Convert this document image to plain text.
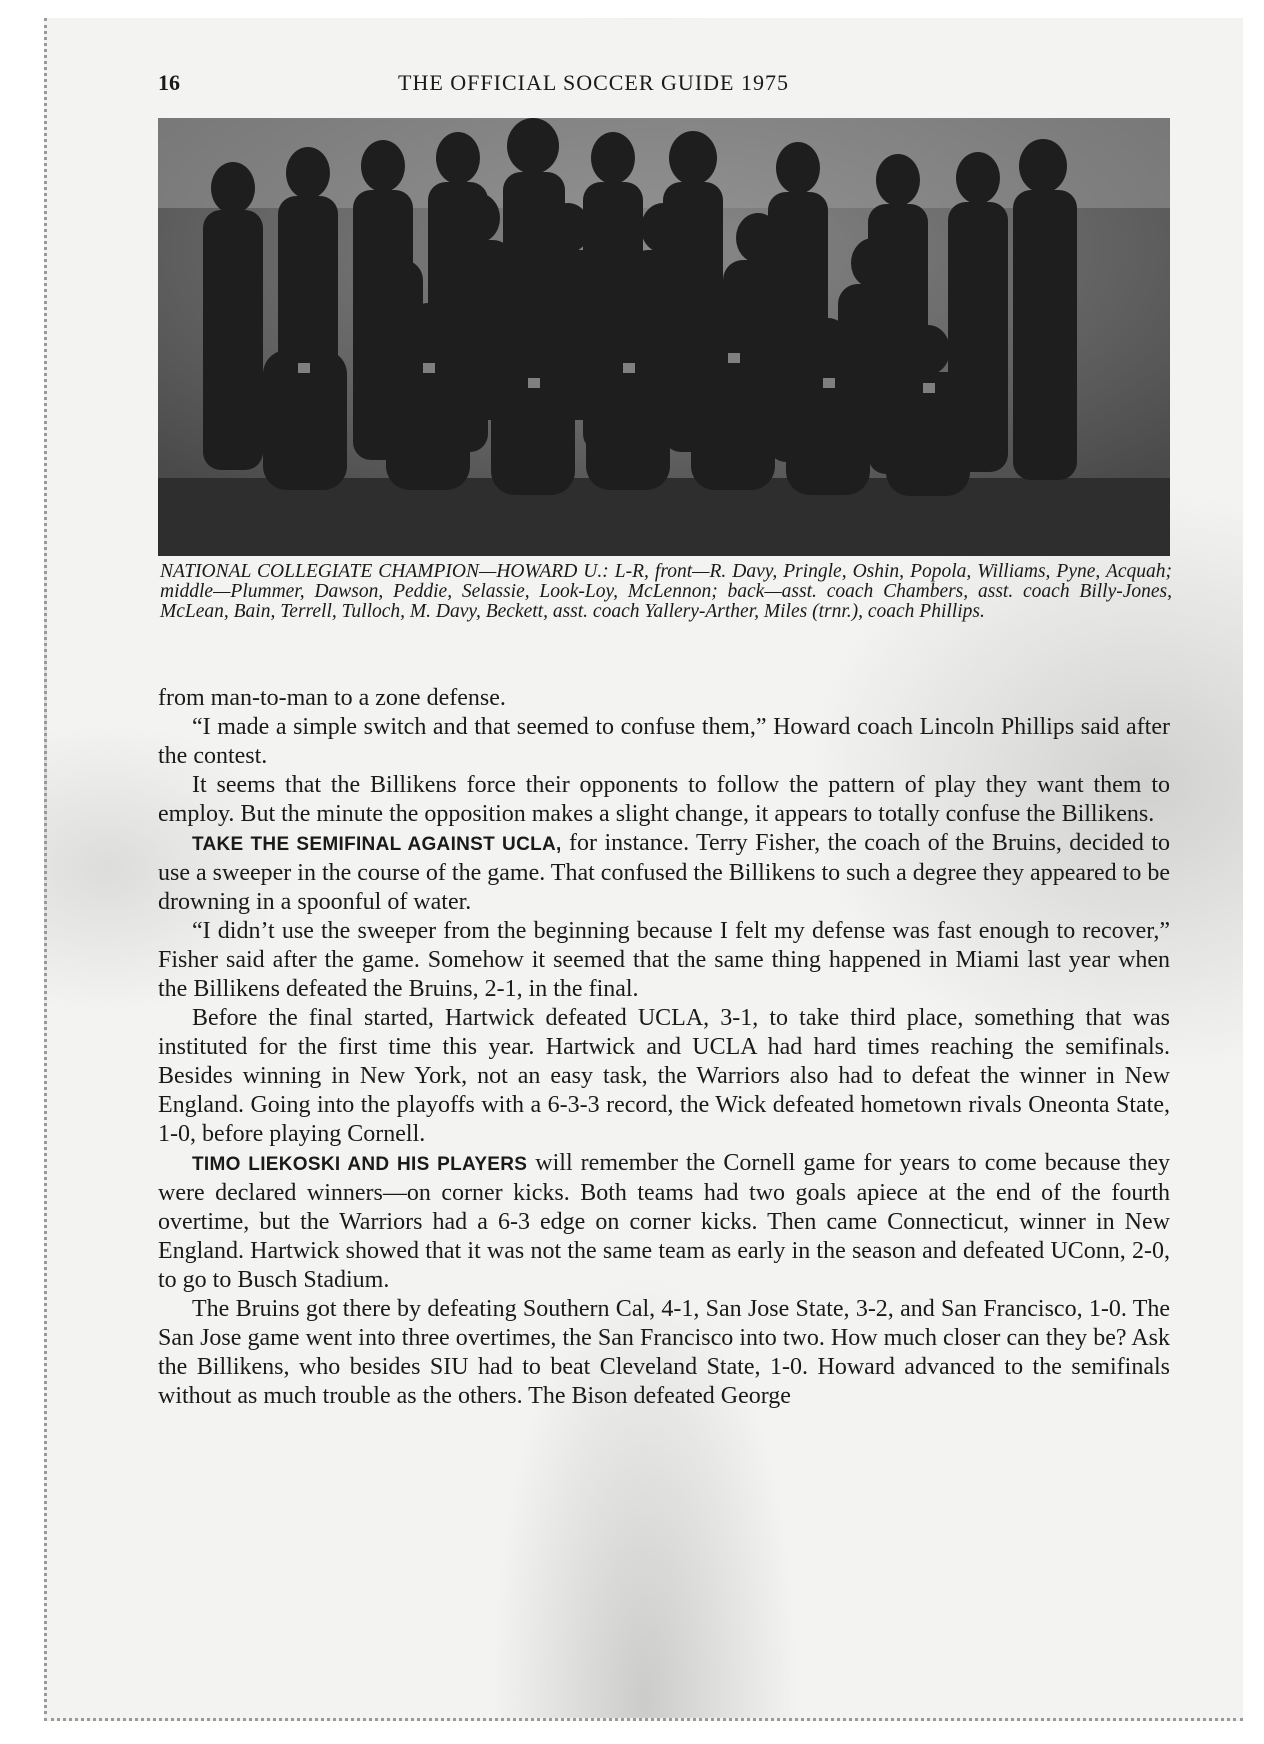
16	THE OFFICIAL SOCCER GUIDE 1975
NATIONAL COLLEGIATE CHAMPION—HOWARD U.: L-R, front—R. Davy, Pringle, Oshin, Popola, Williams, Pyne, Acquah; middle—Plummer, Dawson, Peddie, Selassie, Look-Loy, McLennon; back—asst. coach Chambers, asst. coach Billy-Jones, McLean, Bain, Terrell, Tulloch, M. Davy, Beckett, asst. coach Yallery-Arther, Miles (trnr.), coach Phillips.

from man-to-man to a zone defense.

“I made a simple switch and that seemed to confuse them,” Howard coach Lincoln Phillips said after the contest.

It seems that the Billikens force their opponents to follow the pattern of play they want them to employ. But the minute the opposition makes a slight change, it appears to totally confuse the Billikens.

TAKE THE SEMIFINAL AGAINST UCLA, for instance. Terry Fisher, the coach of the Bruins, decided to use a sweeper in the course of the game. That confused the Billikens to such a degree they appeared to be drowning in a spoonful of water.

“I didn’t use the sweeper from the beginning because I felt my defense was fast enough to recover,” Fisher said after the game. Somehow it seemed that the same thing happened in Miami last year when the Billikens defeated the Bruins, 2-1, in the final.

Before the final started, Hartwick defeated UCLA, 3-1, to take third place, something that was instituted for the first time this year. Hartwick and UCLA had hard times reaching the semifinals. Besides winning in New York, not an easy task, the Warriors also had to defeat the winner in New England. Going into the playoffs with a 6-3-3 record, the Wick defeated hometown rivals Oneonta State, 1-0, before playing Cornell.

TIMO LIEKOSKI AND HIS PLAYERS will remember the Cornell game for years to come because they were declared winners—on corner kicks. Both teams had two goals apiece at the end of the fourth overtime, but the Warriors had a 6-3 edge on corner kicks. Then came Connecticut, winner in New England. Hartwick showed that it was not the same team as early in the season and defeated UConn, 2-0, to go to Busch Stadium.

The Bruins got there by defeating Southern Cal, 4-1, San Jose State, 3-2, and San Francisco, 1-0. The San Jose game went into three overtimes, the San Francisco into two. How much closer can they be? Ask the Billikens, who besides SIU had to beat Cleveland State, 1-0. Howard advanced to the semifinals without as much trouble as the others. The Bison defeated George
